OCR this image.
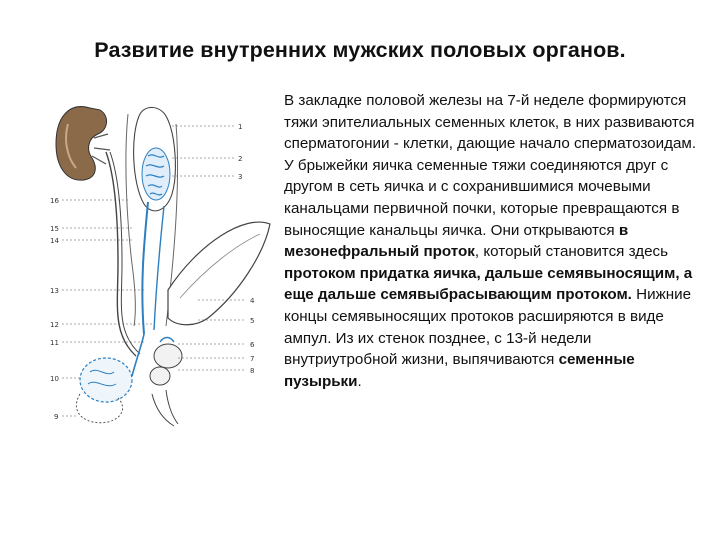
Развитие внутренних мужских половых органов.
1
2
3
4
5
6
7
8
16
15
14
13
12
11
10
9

В закладке половой железы на 7-й неделе формируются тяжи эпителиальных семенных клеток, в них развиваются сперматогонии - клетки, дающие начало сперматозоидам.

У брыжейки яичка семенные тяжи соединяются друг с другом в сеть яичка и с сохранившимися мочевыми канальцами первичной почки, которые превращаются в выносящие канальцы яичка. Они открываются в мезонефральный проток, который становится здесь протоком придатка яичка, дальше семявыносящим, а еще дальше семявыбрасывающим протоком. Нижние концы семявыносящих протоков расширяются в виде ампул. Из их стенок позднее, с 13-й недели внутриутробной жизни, выпячиваются семенные пузырьки.
